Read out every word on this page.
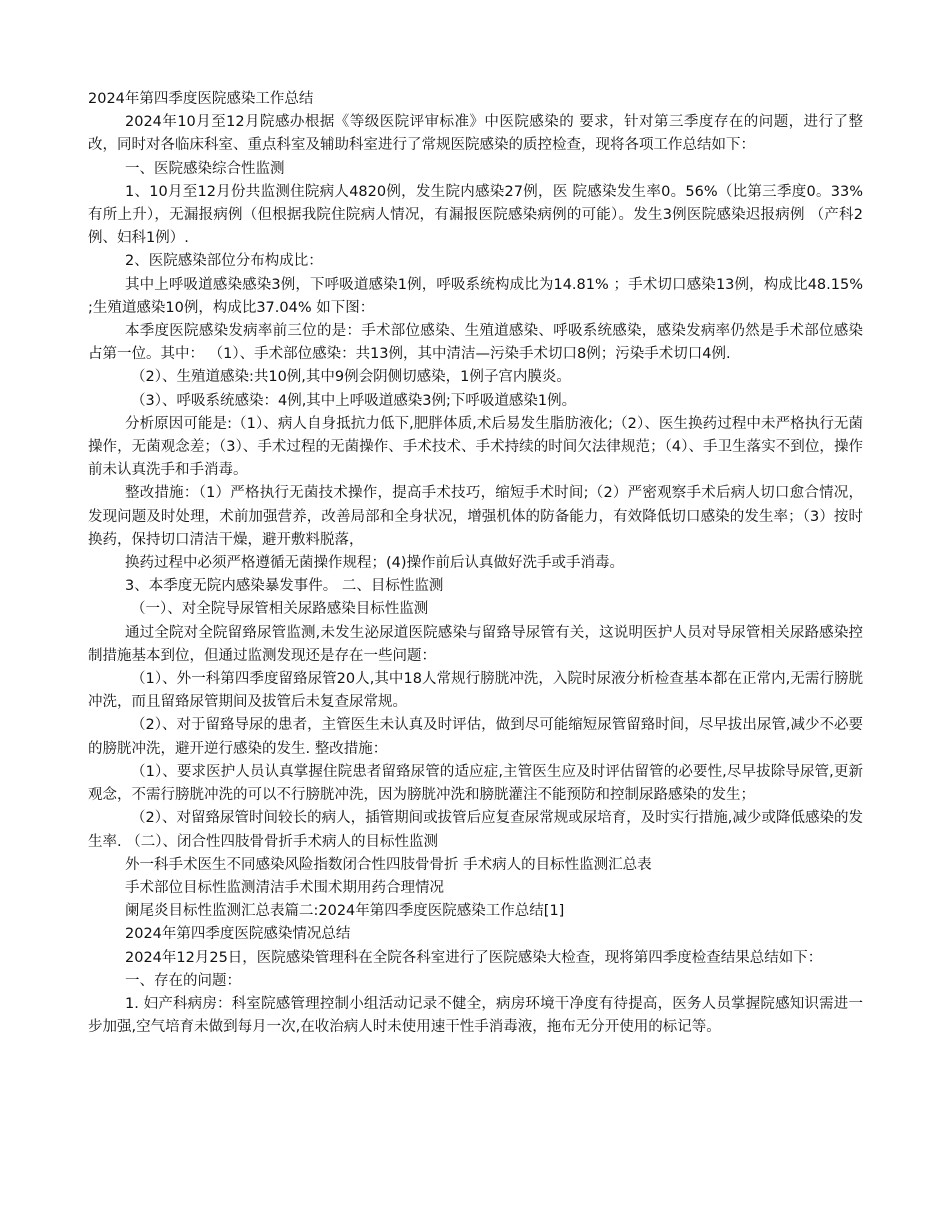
2024年第四季度医院感染工作总结

2024年10月至12月院感办根据《等级医院评审标准》中医院感染的 要求，针对第三季度存在的问题，进行了整改，同时对各临床科室、重点科室及辅助科室进行了常规医院感染的质控检查，现将各项工作总结如下：

一、医院感染综合性监测

1、10月至12月份共监测住院病人4820例，发生院内感染27例，医 院感染发生率0。56%（比第三季度0。33%有所上升），无漏报病例（但根据我院住院病人情况，有漏报医院感染病例的可能）。发生3例医院感染迟报病例 （产科2例、妇科1例）.

2、医院感染部位分布构成比：

其中上呼吸道感染感染3例，下呼吸道感染1例，呼吸系统构成比为14.81% ；手术切口感染13例，构成比48.15% ;生殖道感染10例，构成比37.04% 如下图：

本季度医院感染发病率前三位的是：手术部位感染、生殖道感染、呼吸系统感染，感染发病率仍然是手术部位感染占第一位。其中： （1）、手术部位感染：共13例，其中清洁—污染手术切口8例；污染手术切口4例.

（2）、生殖道感染:共10例,其中9例会阴侧切感染，1例子宫内膜炎。

（3）、呼吸系统感染：4例,其中上呼吸道感染3例;下呼吸道感染1例。

分析原因可能是:（1）、病人自身抵抗力低下,肥胖体质,术后易发生脂肪液化;（2）、医生换药过程中未严格执行无菌操作，无菌观念差；（3）、手术过程的无菌操作、手术技术、手术持续的时间欠法律规范；（4）、手卫生落实不到位，操作前未认真洗手和手消毒。

整改措施：（1）严格执行无菌技术操作，提高手术技巧，缩短手术时间;（2）严密观察手术后病人切口愈合情况，发现问题及时处理，术前加强营养，改善局部和全身状况，增强机体的防备能力，有效降低切口感染的发生率；（3）按时换药，保持切口清洁干燥，避开敷料脱落，

换药过程中必须严格遵循无菌操作规程；(4)操作前后认真做好洗手或手消毒。

3、本季度无院内感染暴发事件。 二、目标性监测

（一）、对全院导尿管相关尿路感染目标性监测

通过全院对全院留臵尿管监测,未发生泌尿道医院感染与留臵导尿管有关，这说明医护人员对导尿管相关尿路感染控制措施基本到位，但通过监测发现还是存在一些问题：

（1）、外一科第四季度留臵尿管20人,其中18人常规行膀胱冲洗，入院时尿液分析检查基本都在正常内,无需行膀胱冲洗，而且留臵尿管期间及拔管后未复查尿常规。

（2）、对于留臵导尿的患者，主管医生未认真及时评估，做到尽可能缩短尿管留臵时间，尽早拔出尿管,减少不必要的膀胱冲洗，避开逆行感染的发生. 整改措施：

（1）、要求医护人员认真掌握住院患者留臵尿管的适应症,主管医生应及时评估留管的必要性,尽早拔除导尿管,更新观念，不需行膀胱冲洗的可以不行膀胱冲洗，因为膀胱冲洗和膀胱灌注不能预防和控制尿路感染的发生；

（2）、对留臵尿管时间较长的病人，插管期间或拔管后应复查尿常规或尿培育，及时实行措施,减少或降低感染的发生率. （二）、闭合性四肢骨骨折手术病人的目标性监测

外一科手术医生不同感染风险指数闭合性四肢骨骨折 手术病人的目标性监测汇总表

手术部位目标性监测清洁手术围术期用药合理情况

阑尾炎目标性监测汇总表篇二:2024年第四季度医院感染工作总结[1]

2024年第四季度医院感染情况总结

2024年12月25日，医院感染管理科在全院各科室进行了医院感染大检查，现将第四季度检查结果总结如下：

一、存在的问题：

1. 妇产科病房：科室院感管理控制小组活动记录不健全，病房环境干净度有待提高，医务人员掌握院感知识需进一步加强,空气培育未做到每月一次,在收治病人时未使用速干性手消毒液，拖布无分开使用的标记等。
